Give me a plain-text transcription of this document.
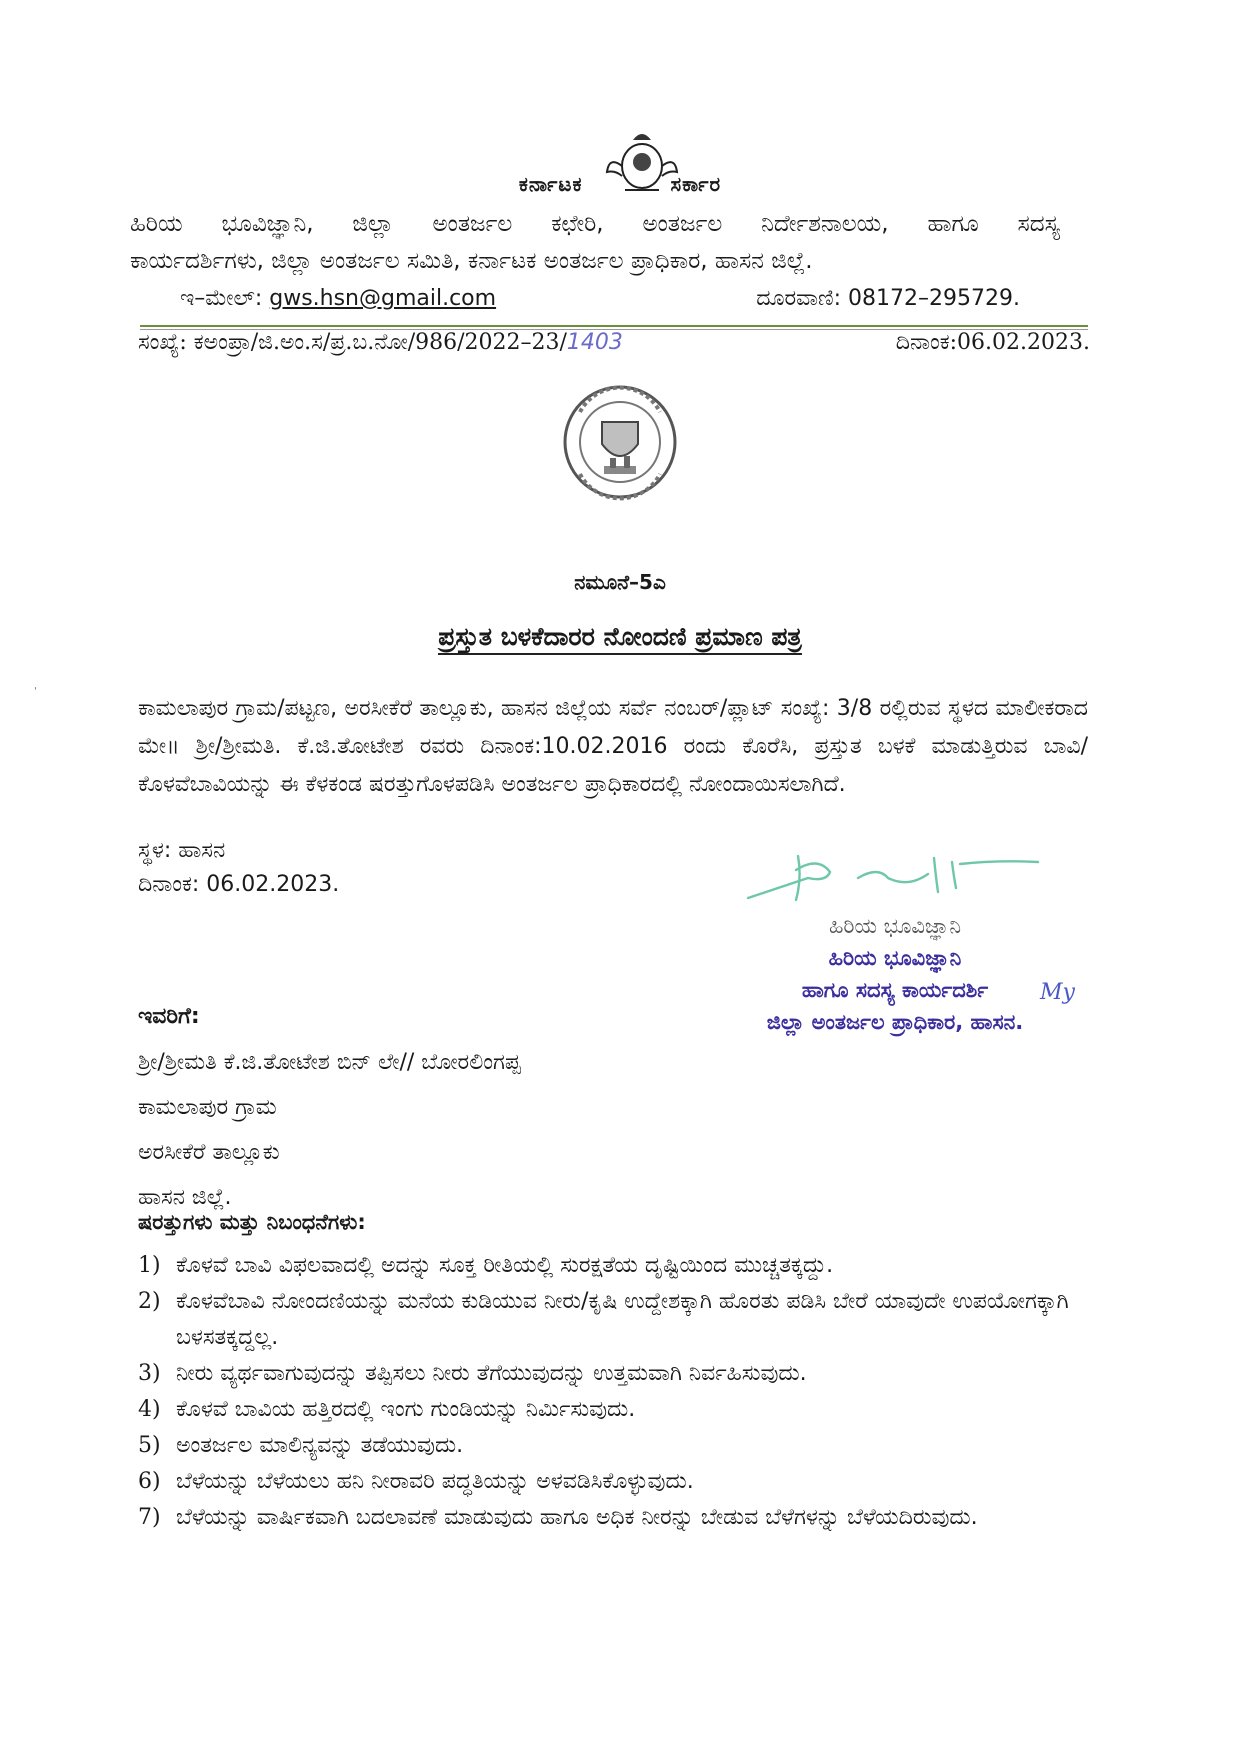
ಕರ್ನಾಟಕ	ಸರ್ಕಾರ
ಹಿರಿಯ ಭೂವಿಜ್ಞಾನಿ, ಜಿಲ್ಲಾ ಅಂತರ್ಜಲ ಕಛೇರಿ, ಅಂತರ್ಜಲ ನಿರ್ದೇಶನಾಲಯ, ಹಾಗೂ ಸದಸ್ಯ
ಕಾರ್ಯದರ್ಶಿಗಳು, ಜಿಲ್ಲಾ ಅಂತರ್ಜಲ ಸಮಿತಿ, ಕರ್ನಾಟಕ ಅಂತರ್ಜಲ ಪ್ರಾಧಿಕಾರ, ಹಾಸನ ಜಿಲ್ಲೆ.
ಇ–ಮೇಲ್: gws.hsn@gmail.com	ದೂರವಾಣಿ: 08172–295729.
ಸಂಖ್ಯೆ: ಕಅಂಪ್ರಾ/ಜಿ.ಅಂ.ಸ/ಪ್ರ.ಬ.ನೋ/986/2022–23/1403	ದಿನಾಂಕ:06.02.2023.
ನಮೂನೆ–5ಎ
ಪ್ರಸ್ತುತ ಬಳಕೆದಾರರ ನೋಂದಣಿ ಪ್ರಮಾಣ ಪತ್ರ
'
ಕಾಮಲಾಪುರ ಗ್ರಾಮ/ಪಟ್ಟಣ, ಅರಸೀಕೆರೆ ತಾಲ್ಲೂಕು, ಹಾಸನ ಜಿಲ್ಲೆಯ ಸರ್ವೆ ನಂಬರ್/ಪ್ಲಾಟ್ ಸಂಖ್ಯೆ: 3/8 ರಲ್ಲಿರುವ ಸ್ಥಳದ ಮಾಲೀಕರಾದ ಮೇ॥ ಶ್ರೀ/ಶ್ರೀಮತಿ. ಕೆ.ಜಿ.ತೋಟೇಶ ರವರು ದಿನಾಂಕ:10.02.2016 ರಂದು ಕೊರೆಸಿ, ಪ್ರಸ್ತುತ ಬಳಕೆ ಮಾಡುತ್ತಿರುವ ಬಾವಿ/ಕೊಳವೆಬಾವಿಯನ್ನು ಈ ಕೆಳಕಂಡ ಷರತ್ತುಗೊಳಪಡಿಸಿ ಅಂತರ್ಜಲ ಪ್ರಾಧಿಕಾರದಲ್ಲಿ ನೋಂದಾಯಿಸಲಾಗಿದೆ.
ಸ್ಥಳ: ಹಾಸನ
ದಿನಾಂಕ: 06.02.2023.
ಹಿರಿಯ ಭೂವಿಜ್ಞಾನಿ
ಹಿರಿಯ ಭೂವಿಜ್ಞಾನಿ
ಹಾಗೂ ಸದಸ್ಯ ಕಾರ್ಯದರ್ಶಿ
ಜಿಲ್ಲಾ ಅಂತರ್ಜಲ ಪ್ರಾಧಿಕಾರ, ಹಾಸನ.
My
ಇವರಿಗೆ:
ಶ್ರೀ/ಶ್ರೀಮತಿ ಕೆ.ಜಿ.ತೋಟೇಶ ಬಿನ್ ಲೇ// ಬೋರಲಿಂಗಪ್ಪ
ಕಾಮಲಾಪುರ ಗ್ರಾಮ
ಅರಸೀಕೆರೆ ತಾಲ್ಲೂಕು
ಹಾಸನ ಜಿಲ್ಲೆ.
ಷರತ್ತುಗಳು ಮತ್ತು ನಿಬಂಧನೆಗಳು:
1) ಕೊಳವೆ ಬಾವಿ ವಿಫಲವಾದಲ್ಲಿ ಅದನ್ನು ಸೂಕ್ತ ರೀತಿಯಲ್ಲಿ ಸುರಕ್ಷತೆಯ ದೃಷ್ಟಿಯಿಂದ ಮುಚ್ಚತಕ್ಕದ್ದು.
2) ಕೊಳವೆಬಾವಿ ನೋಂದಣಿಯನ್ನು ಮನೆಯ ಕುಡಿಯುವ ನೀರು/ಕೃಷಿ ಉದ್ದೇಶಕ್ಕಾಗಿ ಹೊರತು ಪಡಿಸಿ ಬೇರೆ ಯಾವುದೇ ಉಪಯೋಗಕ್ಕಾಗಿ ಬಳಸತಕ್ಕದ್ದಲ್ಲ.
3) ನೀರು ವ್ಯರ್ಥವಾಗುವುದನ್ನು ತಪ್ಪಿಸಲು ನೀರು ತೆಗೆಯುವುದನ್ನು ಉತ್ತಮವಾಗಿ ನಿರ್ವಹಿಸುವುದು.
4) ಕೊಳವೆ ಬಾವಿಯ ಹತ್ತಿರದಲ್ಲಿ ಇಂಗು ಗುಂಡಿಯನ್ನು ನಿರ್ಮಿಸುವುದು.
5) ಅಂತರ್ಜಲ ಮಾಲಿನ್ಯವನ್ನು ತಡೆಯುವುದು.
6) ಬೆಳೆಯನ್ನು ಬೆಳೆಯಲು ಹನಿ ನೀರಾವರಿ ಪದ್ಧತಿಯನ್ನು ಅಳವಡಿಸಿಕೊಳ್ಳುವುದು.
7) ಬೆಳೆಯನ್ನು ವಾರ್ಷಿಕವಾಗಿ ಬದಲಾವಣೆ ಮಾಡುವುದು ಹಾಗೂ ಅಧಿಕ ನೀರನ್ನು ಬೇಡುವ ಬೆಳೆಗಳನ್ನು ಬೆಳೆಯದಿರುವುದು.
